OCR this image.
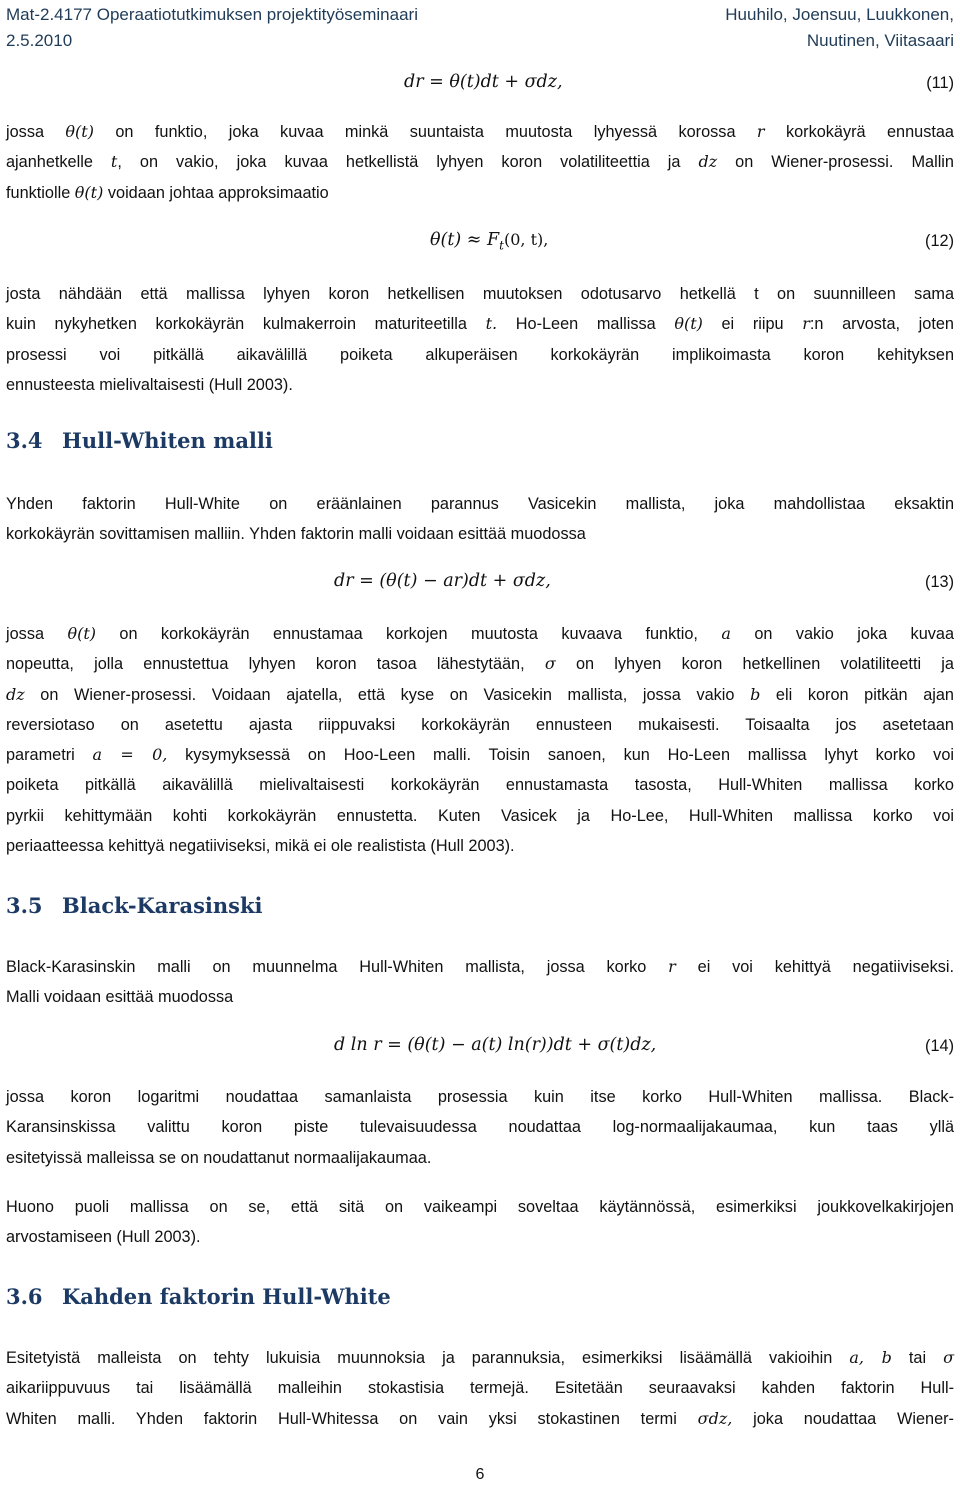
Mat-2.4177 Operaatiotutkimuksen projektityöseminaari
2.5.2010
Huuhilo, Joensuu, Luukkonen,
Nuutinen, Viitasaari
dr = θ(t)dt + σdz,	(11)
jossa θ(t) on funktio, joka kuvaa minkä suuntaista muutosta lyhyessä korossa r korkokäyrä ennustaa
ajanhetkelle t, on vakio, joka kuvaa hetkellistä lyhyen koron volatiliteettia ja dz on Wiener-prosessi. Mallin
funktiolle θ(t) voidaan johtaa approksimaatio
$\theta(t) \approx F_t(0$, t),	(12)
josta nähdään että mallissa lyhyen koron hetkellisen muutoksen odotusarvo hetkellä t on suunnilleen sama
kuin nykyhetken korkokäyrän kulmakerroin maturiteetilla t. Ho-Leen mallissa θ(t) ei riipu r:n arvosta, joten
prosessi voi pitkällä aikavälillä poiketa alkuperäisen korkokäyrän implikoimasta koron kehityksen
ennusteesta mielivaltaisesti (Hull 2003).
3.4 Hull-Whiten malli
Yhden faktorin Hull-White on eräänlainen parannus Vasicekin mallista, joka mahdollistaa eksaktin
korkokäyrän sovittamisen malliin. Yhden faktorin malli voidaan esittää muodossa
dr = (θ(t) − ar)dt + σdz,	(13)
jossa θ(t) on korkokäyrän ennustamaa korkojen muutosta kuvaava funktio, a on vakio joka kuvaa
nopeutta, jolla ennustettua lyhyen koron tasoa lähestytään, σ on lyhyen koron hetkellinen volatiliteetti ja
dz on Wiener-prosessi. Voidaan ajatella, että kyse on Vasicekin mallista, jossa vakio b eli koron pitkän ajan
reversiotaso on asetettu ajasta riippuvaksi korkokäyrän ennusteen mukaisesti. Toisaalta jos asetetaan
parametri a = 0, kysymyksessä on Hoo-Leen malli. Toisin sanoen, kun Ho-Leen mallissa lyhyt korko voi
poiketa pitkällä aikavälillä mielivaltaisesti korkokäyrän ennustamasta tasosta, Hull-Whiten mallissa korko
pyrkii kehittymään kohti korkokäyrän ennustetta. Kuten Vasicek ja Ho-Lee, Hull-Whiten mallissa korko voi
periaatteessa kehittyä negatiiviseksi, mikä ei ole realistista (Hull 2003).
3.5 Black-Karasinski
Black-Karasinskin malli on muunnelma Hull-Whiten mallista, jossa korko r ei voi kehittyä negatiiviseksi.
Malli voidaan esittää muodossa
d ln r = (θ(t) − a(t) ln(r))dt + σ(t)dz,	(14)
jossa koron logaritmi noudattaa samanlaista prosessia kuin itse korko Hull-Whiten mallissa. Black-
Karansinskissa valittu koron piste tulevaisuudessa noudattaa log-normaalijakaumaa, kun taas yllä
esitetyissä malleissa se on noudattanut normaalijakaumaa.
Huono puoli mallissa on se, että sitä on vaikeampi soveltaa käytännössä, esimerkiksi joukkovelkakirjojen
arvostamiseen (Hull 2003).
3.6 Kahden faktorin Hull-White
Esitetyistä malleista on tehty lukuisia muunnoksia ja parannuksia, esimerkiksi lisäämällä vakioihin a, b tai σ
aikariippuvuus tai lisäämällä malleihin stokastisia termejä. Esitetään seuraavaksi kahden faktorin Hull-
Whiten malli. Yhden faktorin Hull-Whitessa on vain yksi stokastinen termi σdz, joka noudattaa Wiener-
6
